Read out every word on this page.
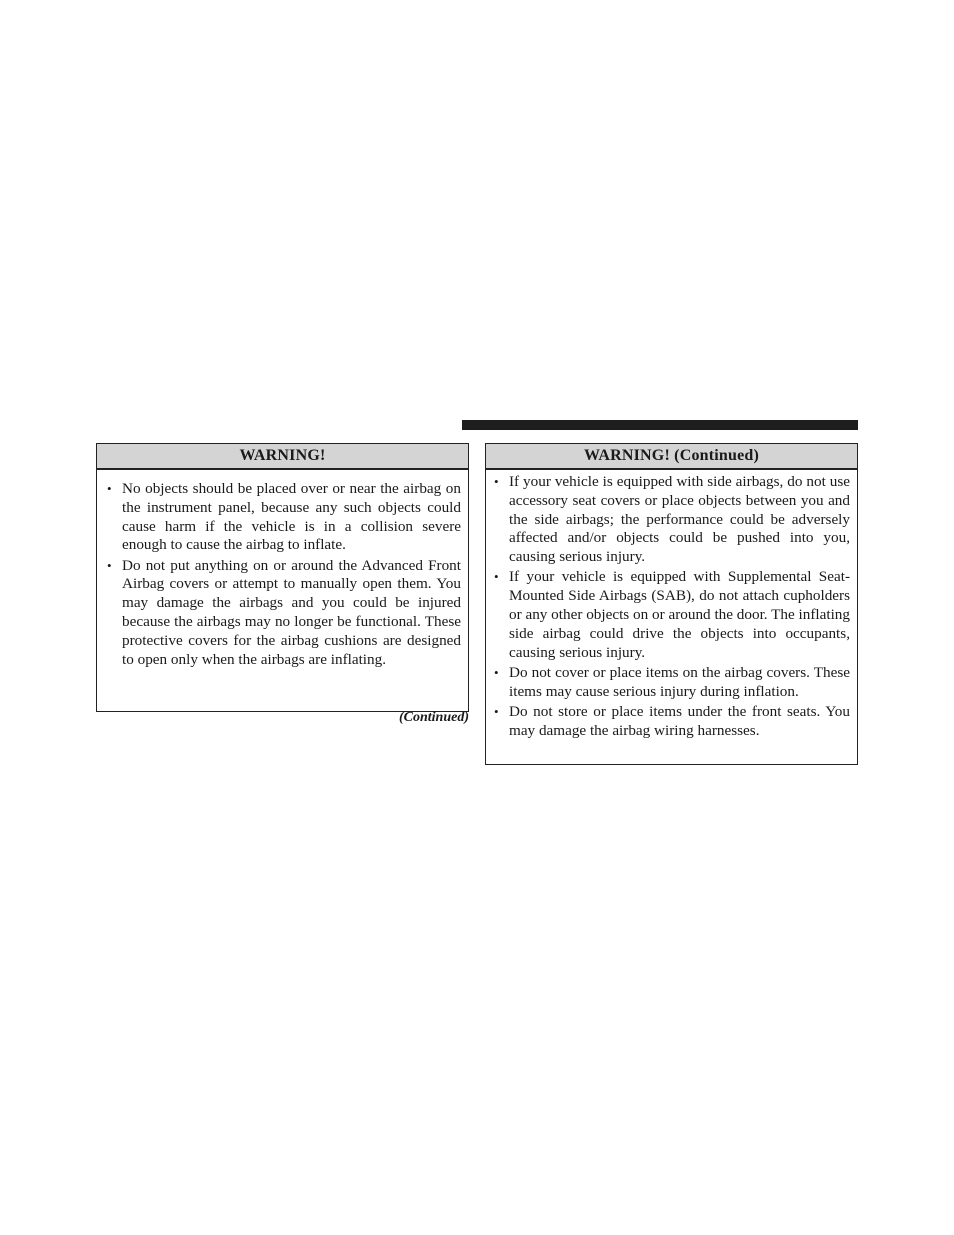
WARNING!
• No objects should be placed over or near the airbag on the instrument panel, because any such objects could cause harm if the vehicle is in a collision severe enough to cause the airbag to inflate.
• Do not put anything on or around the Advanced Front Airbag covers or attempt to manually open them. You may damage the airbags and you could be injured because the airbags may no longer be functional. These protective covers for the airbag cushions are designed to open only when the airbags are inflating.
(Continued)
WARNING! (Continued)
• If your vehicle is equipped with side airbags, do not use accessory seat covers or place objects between you and the side airbags; the performance could be adversely affected and/or objects could be pushed into you, causing serious injury.
• If your vehicle is equipped with Supplemental Seat-Mounted Side Airbags (SAB), do not attach cupholders or any other objects on or around the door. The inflating side airbag could drive the objects into occupants, causing serious injury.
• Do not cover or place items on the airbag covers. These items may cause serious injury during inflation.
• Do not store or place items under the front seats. You may damage the airbag wiring harnesses.
